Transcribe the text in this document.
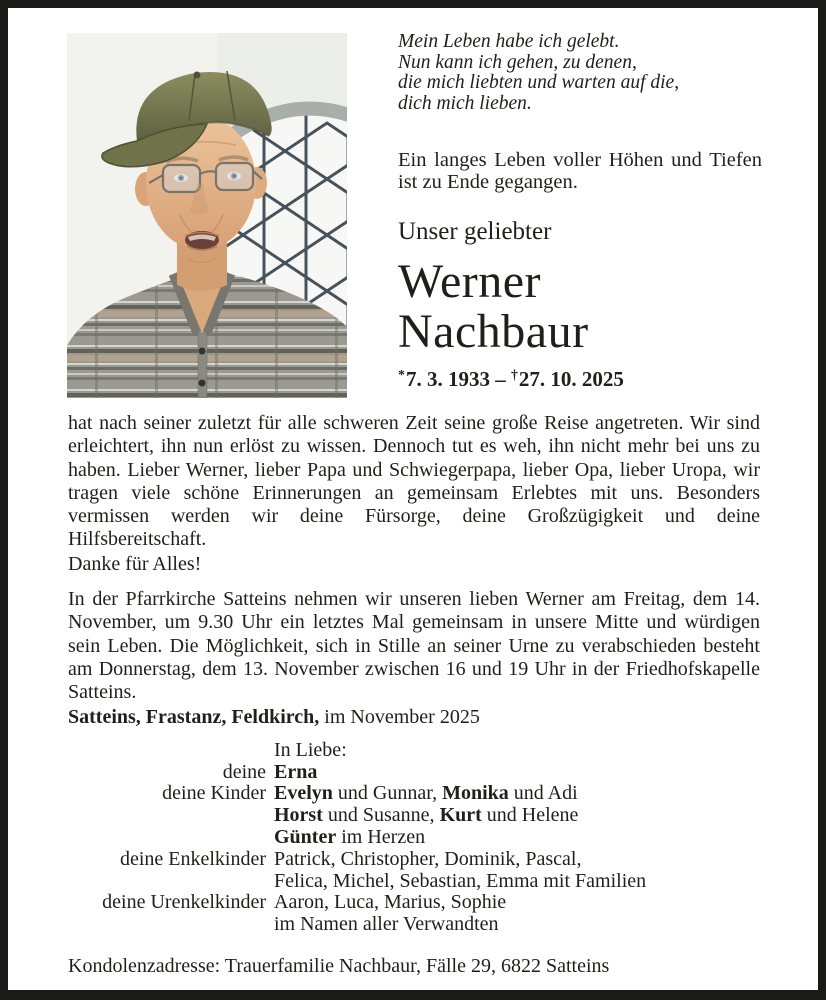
Mein Leben habe ich gelebt.
Nun kann ich gehen, zu denen,
die mich liebten und warten auf die,
dich mich lieben.

Ein langes Leben voller Höhen und Tiefen ist zu Ende gegangen.

Unser geliebter
Werner
Nachbaur
*7. 3. 1933 – †27. 10. 2025

hat nach seiner zuletzt für alle schweren Zeit seine große Reise angetreten. Wir sind erleichtert, ihn nun erlöst zu wissen. Dennoch tut es weh, ihn nicht mehr bei uns zu haben. Lieber Werner, lieber Papa und Schwiegerpapa, lieber Opa, lieber Uropa, wir tragen viele schöne Erinnerungen an gemeinsam Erlebtes mit uns. Besonders vermissen werden wir deine Fürsorge, deine Großzügigkeit und deine Hilfsbereitschaft.

Danke für Alles!

In der Pfarrkirche Satteins nehmen wir unseren lieben Werner am Freitag, dem 14. November, um 9.30 Uhr ein letztes Mal gemeinsam in unsere Mitte und würdigen sein Leben. Die Möglichkeit, sich in Stille an seiner Urne zu verabschieden besteht am Donnerstag, dem 13. November zwischen 16 und 19 Uhr in der Friedhofskapelle Satteins.

Satteins, Frastanz, Feldkirch, im November 2025

In Liebe:
deine Erna
deine Kinder Evelyn und Gunnar, Monika und Adi
Horst und Susanne, Kurt und Helene
Günter im Herzen
deine Enkelkinder Patrick, Christopher, Dominik, Pascal,
Felica, Michel, Sebastian, Emma mit Familien
deine Urenkelkinder Aaron, Luca, Marius, Sophie
im Namen aller Verwandten

Kondolenzadresse: Trauerfamilie Nachbaur, Fälle 29, 6822 Satteins
